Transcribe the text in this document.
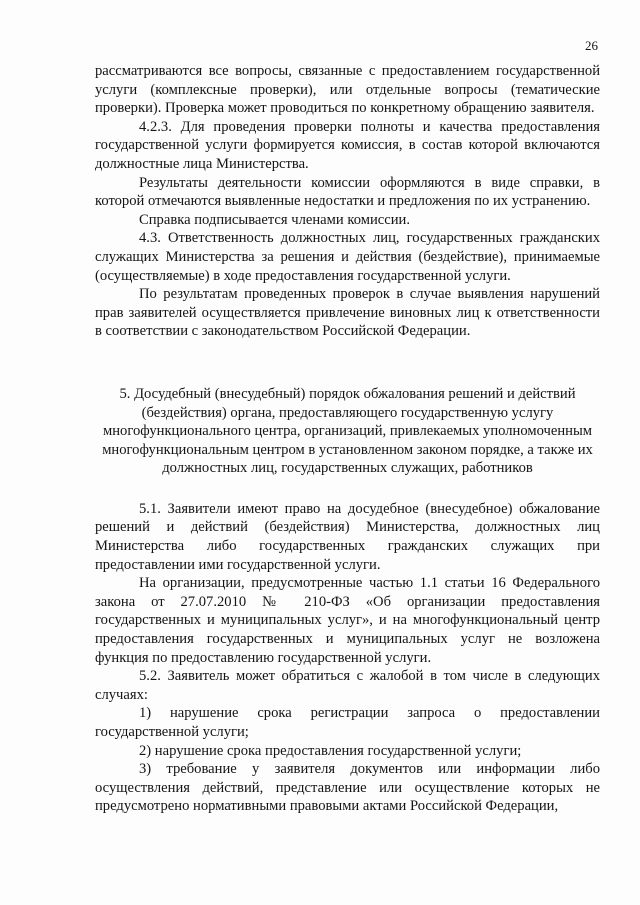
26

рассматриваются все вопросы, связанные с предоставлением государственной услуги (комплексные проверки), или отдельные вопросы (тематические проверки). Проверка может проводиться по конкретному обращению заявителя.

4.2.3. Для проведения проверки полноты и качества предоставления государственной услуги формируется комиссия, в состав которой включаются должностные лица Министерства.

Результаты деятельности комиссии оформляются в виде справки, в которой отмечаются выявленные недостатки и предложения по их устранению.

Справка подписывается членами комиссии.

4.3. Ответственность должностных лиц, государственных гражданских служащих Министерства за решения и действия (бездействие), принимаемые (осуществляемые) в ходе предоставления государственной услуги.

По результатам проведенных проверок в случае выявления нарушений прав заявителей осуществляется привлечение виновных лиц к ответственности в соответствии с законодательством Российской Федерации.

5. Досудебный (внесудебный) порядок обжалования решений и действий (бездействия) органа, предоставляющего государственную услугу многофункционального центра, организаций, привлекаемых уполномоченным многофункциональным центром в установленном законом порядке, а также их должностных лиц, государственных служащих, работников

5.1. Заявители имеют право на досудебное (внесудебное) обжалование решений и действий (бездействия) Министерства, должностных лиц Министерства либо государственных гражданских служащих при предоставлении ими государственной услуги.

На организации, предусмотренные частью 1.1 статьи 16 Федерального закона от 27.07.2010 № 210-ФЗ «Об организации предоставления государственных и муниципальных услуг», и на многофункциональный центр предоставления государственных и муниципальных услуг не возложена функция по предоставлению государственной услуги.

5.2. Заявитель может обратиться с жалобой в том числе в следующих случаях:

1) нарушение срока регистрации запроса о предоставлении государственной услуги;

2) нарушение срока предоставления государственной услуги;

3) требование у заявителя документов или информации либо осуществления действий, представление или осуществление которых не предусмотрено нормативными правовыми актами Российской Федерации,
